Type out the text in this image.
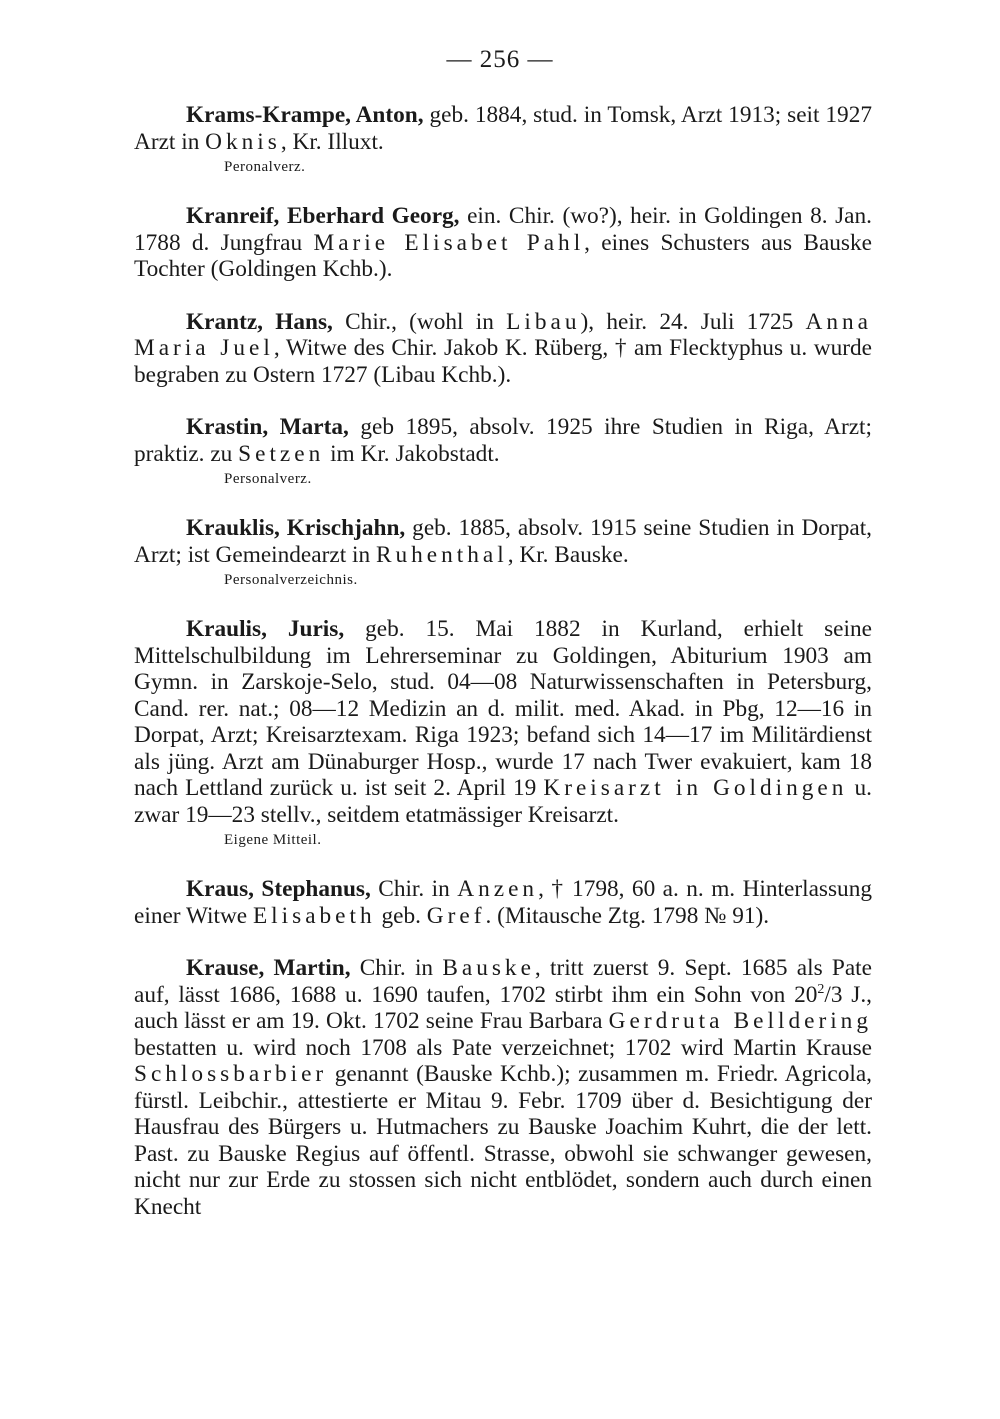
— 256 —

Krams-Krampe, Anton, geb. 1884, stud. in Tomsk, Arzt 1913; seit 1927 Arzt in Oknis, Kr. Illuxt.

Peronalverz.

Kranreif, Eberhard Georg, ein. Chir. (wo?), heir. in Goldingen 8. Jan. 1788 d. Jungfrau Marie Elisabet Pahl, eines Schusters aus Bauske Tochter (Goldingen Kchb.).

Krantz, Hans, Chir., (wohl in Libau), heir. 24. Juli 1725 Anna Maria Juel, Witwe des Chir. Jakob K. Rüberg, † am Flecktyphus u. wurde begraben zu Ostern 1727 (Libau Kchb.).

Krastin, Marta, geb 1895, absolv. 1925 ihre Studien in Riga, Arzt; praktiz. zu Setzen im Kr. Jakobstadt.

Personalverz.

Krauklis, Krischjahn, geb. 1885, absolv. 1915 seine Studien in Dorpat, Arzt; ist Gemeindearzt in Ruhenthal, Kr. Bauske.

Personalverzeichnis.

Kraulis, Juris, geb. 15. Mai 1882 in Kurland, erhielt seine Mittelschulbildung im Lehrerseminar zu Goldingen, Abiturium 1903 am Gymn. in Zarskoje-Selo, stud. 04—08 Naturwissenschaften in Petersburg, Cand. rer. nat.; 08—12 Medizin an d. milit. med. Akad. in Pbg, 12—16 in Dorpat, Arzt; Kreisarztexam. Riga 1923; befand sich 14—17 im Militärdienst als jüng. Arzt am Dünaburger Hosp., wurde 17 nach Twer evakuiert, kam 18 nach Lettland zurück u. ist seit 2. April 19 Kreisarzt in Goldingen u. zwar 19—23 stellv., seitdem etatmässiger Kreisarzt.

Eigene Mitteil.

Kraus, Stephanus, Chir. in Anzen, † 1798, 60 a. n. m. Hinterlassung einer Witwe Elisabeth geb. Gref. (Mitausche Ztg. 1798 № 91).

Krause, Martin, Chir. in Bauske, tritt zuerst 9. Sept. 1685 als Pate auf, lässt 1686, 1688 u. 1690 taufen, 1702 stirbt ihm ein Sohn von $20^2/3$ J., auch lässt er am 19. Okt. 1702 seine Frau Barbara Gerdruta Belldering bestatten u. wird noch 1708 als Pate verzeichnet; 1702 wird Martin Krause Schlossbarbier genannt (Bauske Kchb.); zusammen m. Friedr. Agricola, fürstl. Leibchir., attestierte er Mitau 9. Febr. 1709 über d. Besichtigung der Hausfrau des Bürgers u. Hutmachers zu Bauske Joachim Kuhrt, die der lett. Past. zu Bauske Regius auf öffentl. Strasse, obwohl sie schwanger gewesen, nicht nur zur Erde zu stossen sich nicht entblödet, sondern auch durch einen Knecht
